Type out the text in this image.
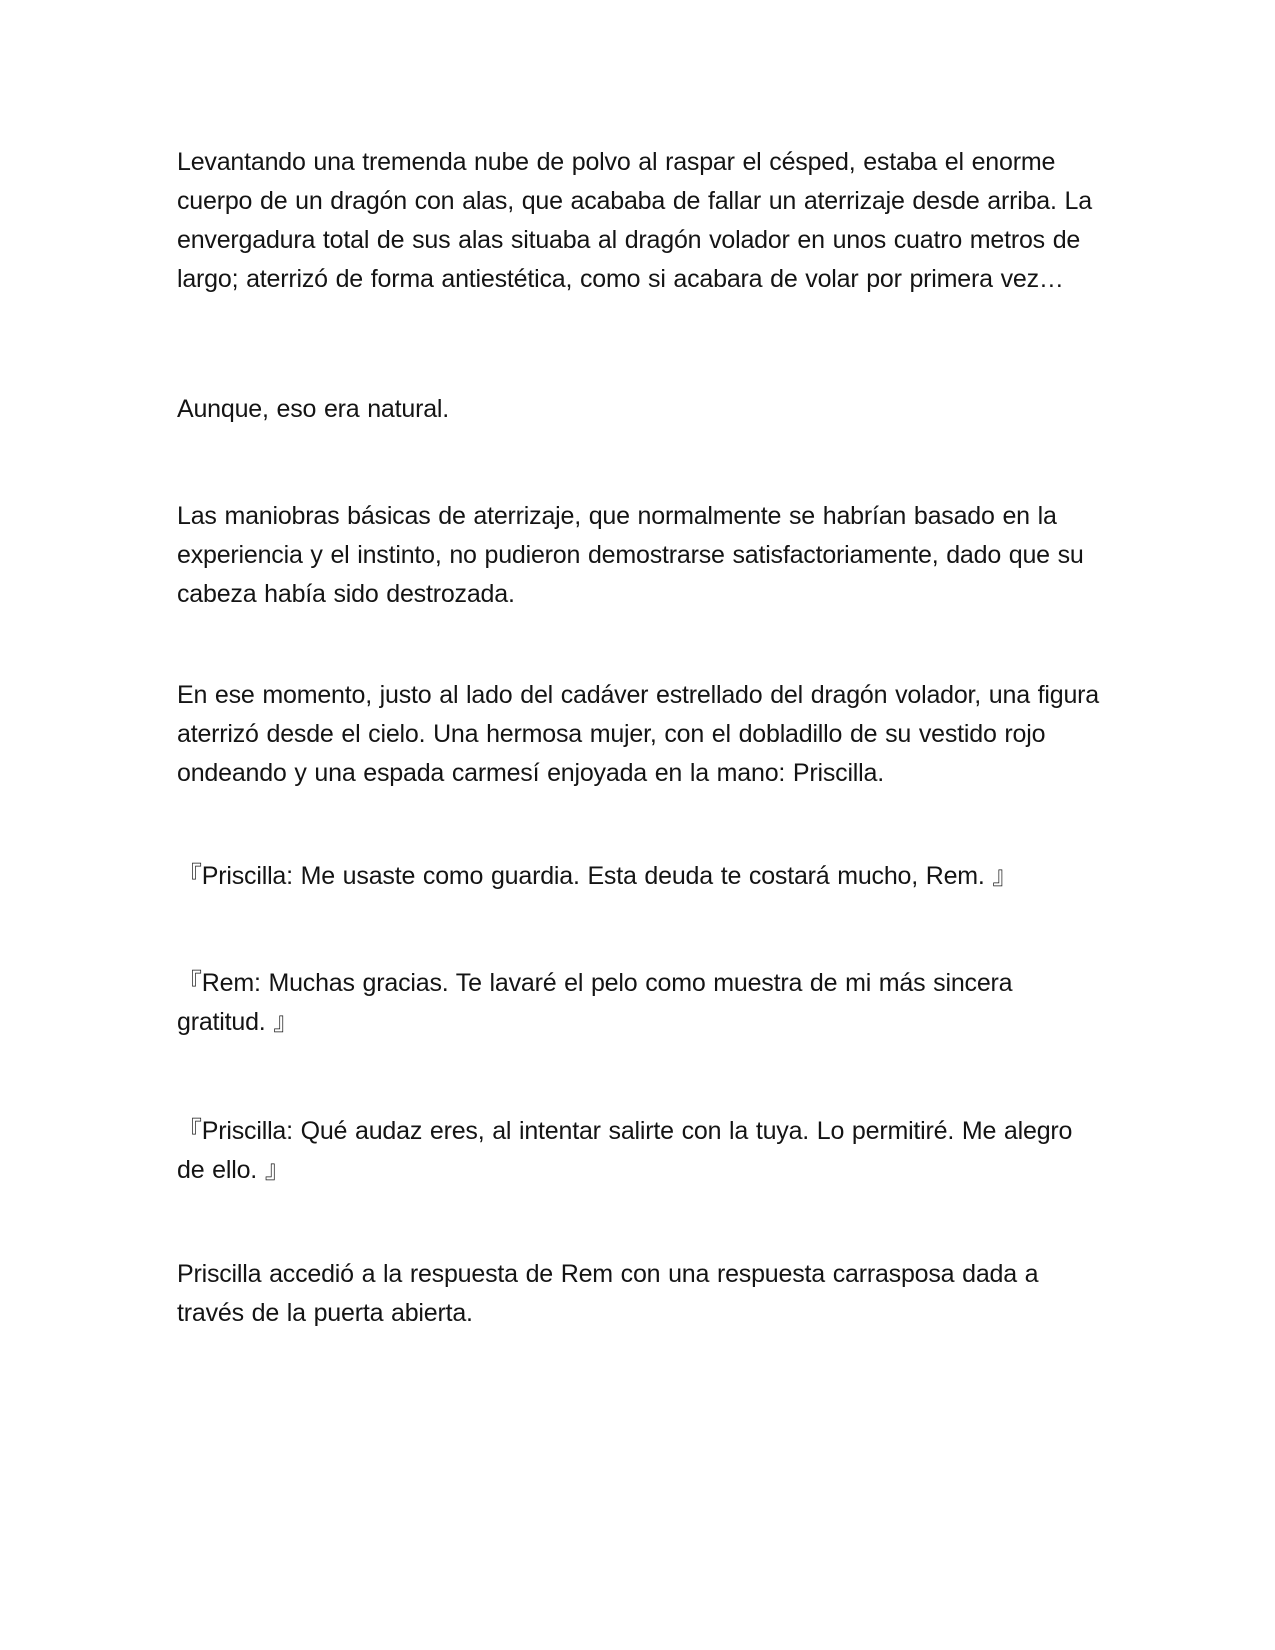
Levantando una tremenda nube de polvo al raspar el césped, estaba el enorme cuerpo de un dragón con alas, que acababa de fallar un aterrizaje desde arriba. La envergadura total de sus alas situaba al dragón volador en unos cuatro metros de largo; aterrizó de forma antiestética, como si acabara de volar por primera vez…

Aunque, eso era natural.

Las maniobras básicas de aterrizaje, que normalmente se habrían basado en la experiencia y el instinto, no pudieron demostrarse satisfactoriamente, dado que su cabeza había sido destrozada.

En ese momento, justo al lado del cadáver estrellado del dragón volador, una figura aterrizó desde el cielo. Una hermosa mujer, con el dobladillo de su vestido rojo ondeando y una espada carmesí enjoyada en la mano: Priscilla.

『Priscilla: Me usaste como guardia. Esta deuda te costará mucho, Rem. 』

『Rem: Muchas gracias. Te lavaré el pelo como muestra de mi más sincera gratitud. 』

『Priscilla: Qué audaz eres, al intentar salirte con la tuya. Lo permitiré. Me alegro de ello. 』

Priscilla accedió a la respuesta de Rem con una respuesta carrasposa dada a través de la puerta abierta.
